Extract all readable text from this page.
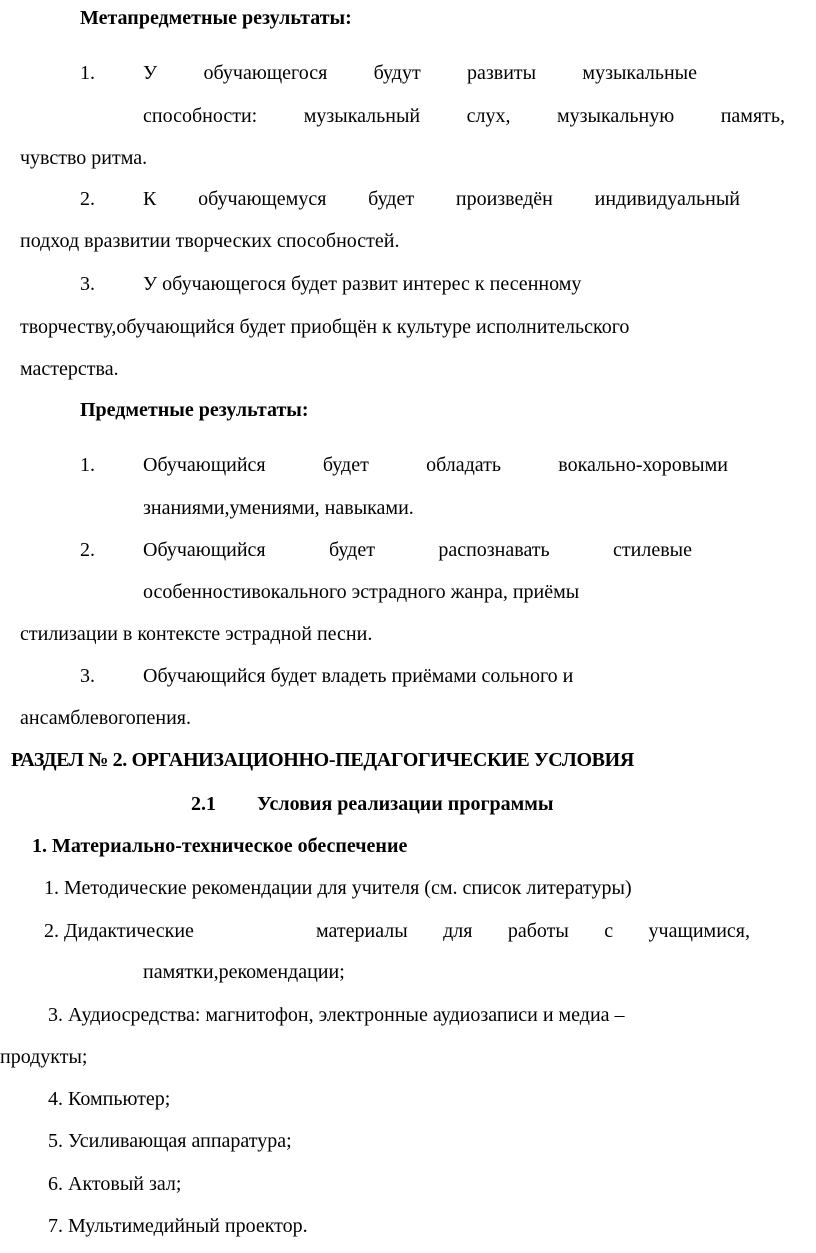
Метапредметные результаты:
1. У обучающегося будут развиты музыкальные
способности: музыкальный слух, музыкальную память,
чувство ритма.
2. К обучающемуся будет произведён индивидуальный
подход вразвитии творческих способностей.
3. У обучающегося будет развит интерес к песенному
творчеству,обучающийся будет приобщён к культуре исполнительского
мастерства.
Предметные результаты:
1. Обучающийся	будет	обладать	вокально-хоровыми
знаниями,умениями, навыками.
2. Обучающийся	будет	распознавать	стилевые
особенностивокального эстрадного жанра, приёмы
стилизации в контексте эстрадной песни.
3. Обучающийся будет владеть приёмами сольного и
ансамблевогопения.
РАЗДЕЛ № 2. ОРГАНИЗАЦИОННО-ПЕДАГОГИЧЕСКИЕ УСЛОВИЯ
2.1 Условия реализации программы
1. Материально-техническое обеспечение
1. Методические рекомендации для учителя (см. список литературы)
2. Дидактические	материалы для работы с учащимися,
памятки,рекомендации;
3. Аудиосредства: магнитофон, электронные аудиозаписи и медиа –
продукты;
4. Компьютер;
5. Усиливающая аппаратура;
6. Актовый зал;
7. Мультимедийный проектор.
